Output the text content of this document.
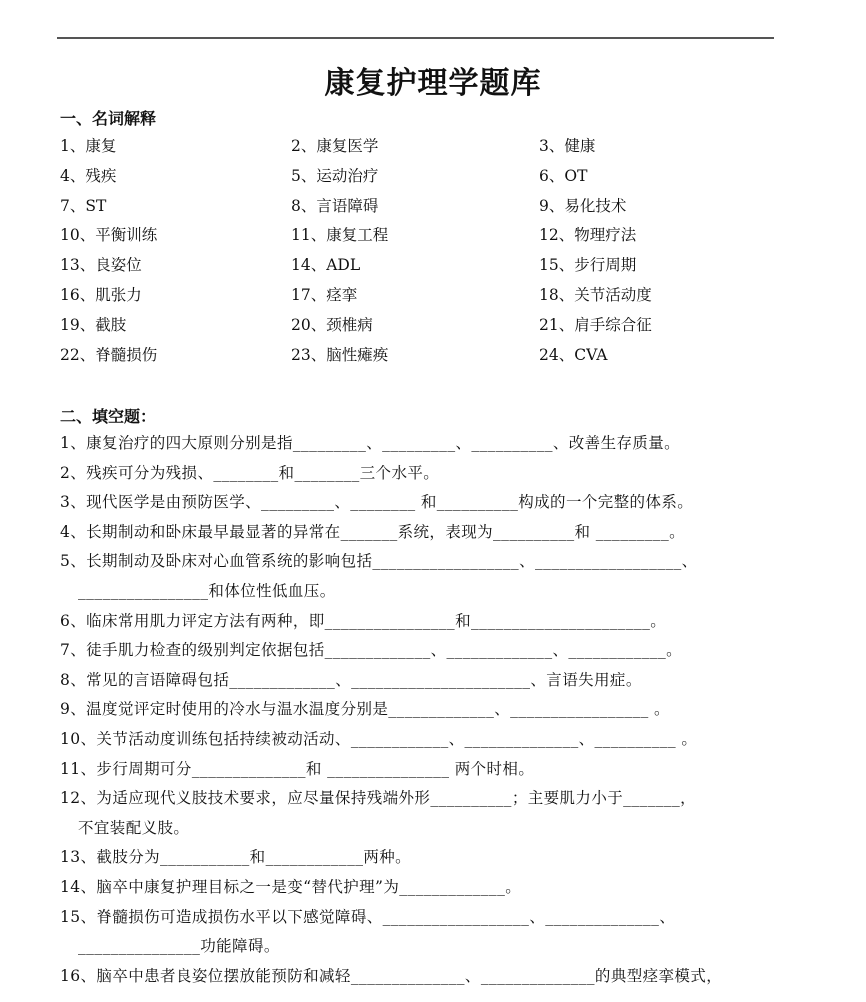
康复护理学题库
一、名词解释
1、康复	2、康复医学	3、健康
4、残疾	5、运动治疗	6、OT
7、ST	8、言语障碍	9、易化技术
10、平衡训练	11、康复工程	12、物理疗法
13、良姿位	14、ADL	15、步行周期
16、肌张力	17、痉挛	18、关节活动度
19、截肢	20、颈椎病	21、肩手综合征
22、脊髓损伤	23、脑性瘫痪	24、CVA
二、填空题：
1、康复治疗的四大原则分别是指_________、_________、__________、改善生存质量。
2、残疾可分为残损、________和________三个水平。
3、现代医学是由预防医学、_________、________ 和__________构成的一个完整的体系。
4、长期制动和卧床最早最显著的异常在_______系统，表现为__________和 _________。
5、长期制动及卧床对心血管系统的影响包括__________________、__________________、
________________和体位性低血压。
6、临床常用肌力评定方法有两种，即________________和______________________。
7、徒手肌力检查的级别判定依据包括_____________、_____________、____________。
8、常见的言语障碍包括_____________、______________________、言语失用症。
9、温度觉评定时使用的冷水与温水温度分别是_____________、_________________ 。
10、关节活动度训练包括持续被动活动、____________、______________、__________ 。
11、步行周期可分______________和 _______________ 两个时相。
12、为适应现代义肢技术要求，应尽量保持残端外形__________；主要肌力小于_______，
不宜装配义肢。
13、截肢分为___________和____________两种。
14、脑卒中康复护理目标之一是变“替代护理”为_____________。
15、脊髓损伤可造成损伤水平以下感觉障碍、__________________、______________、
_______________功能障碍。
16、脑卒中患者良姿位摆放能预防和减轻______________、______________的典型痉挛模式，
